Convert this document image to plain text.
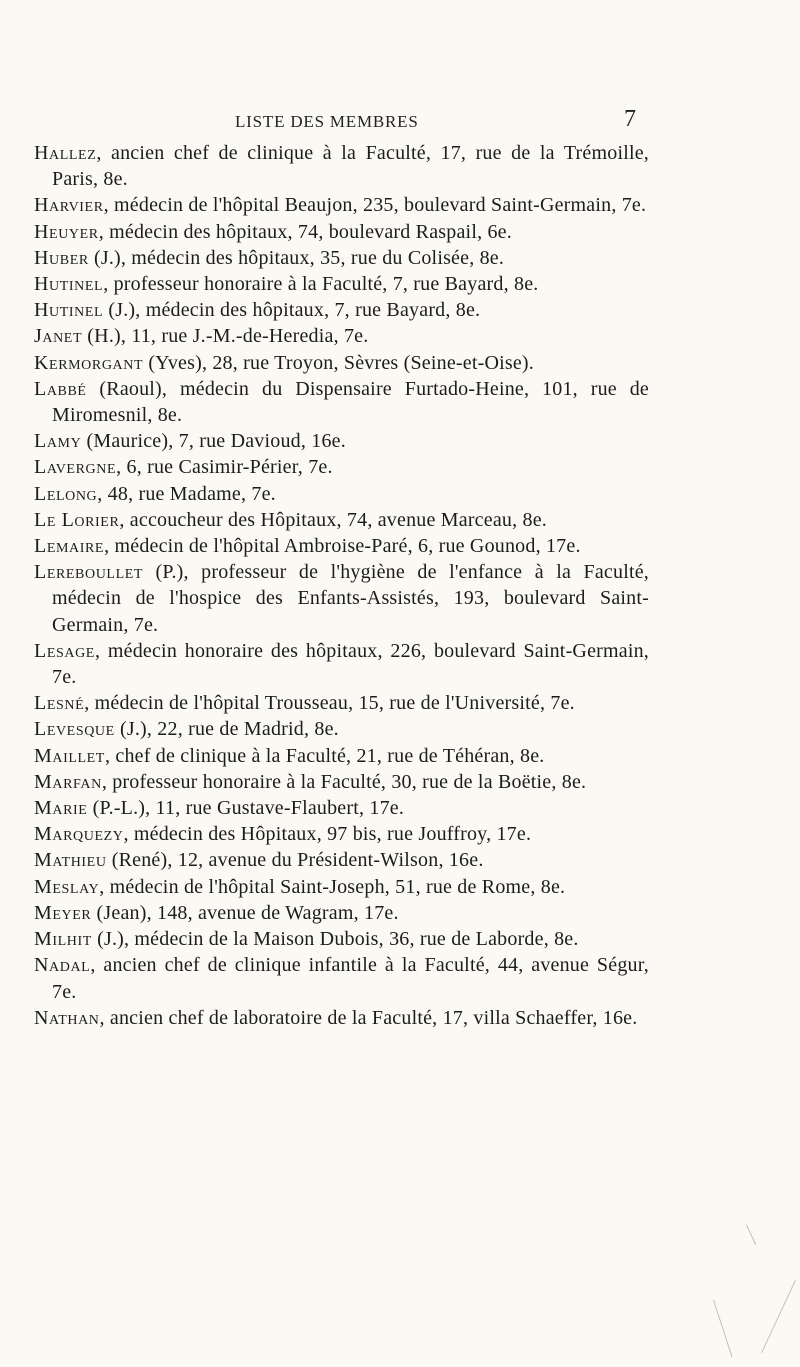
LISTE DES MEMBRES	7

Hallez, ancien chef de clinique à la Faculté, 17, rue de la Trémoille, Paris, 8e.

Harvier, médecin de l'hôpital Beaujon, 235, boulevard Saint-Germain, 7e.

Heuyer, médecin des hôpitaux, 74, boulevard Raspail, 6e.

Huber (J.), médecin des hôpitaux, 35, rue du Colisée, 8e.

Hutinel, professeur honoraire à la Faculté, 7, rue Bayard, 8e.

Hutinel (J.), médecin des hôpitaux, 7, rue Bayard, 8e.

Janet (H.), 11, rue J.-M.-de-Heredia, 7e.

Kermorgant (Yves), 28, rue Troyon, Sèvres (Seine-et-Oise).

Labbé (Raoul), médecin du Dispensaire Furtado-Heine, 101, rue de Miromesnil, 8e.

Lamy (Maurice), 7, rue Davioud, 16e.

Lavergne, 6, rue Casimir-Périer, 7e.

Lelong, 48, rue Madame, 7e.

Le Lorier, accoucheur des Hôpitaux, 74, avenue Marceau, 8e.

Lemaire, médecin de l'hôpital Ambroise-Paré, 6, rue Gounod, 17e.

Lereboullet (P.), professeur de l'hygiène de l'enfance à la Faculté, médecin de l'hospice des Enfants-Assistés, 193, boulevard Saint-Germain, 7e.

Lesage, médecin honoraire des hôpitaux, 226, boulevard Saint-Germain, 7e.

Lesné, médecin de l'hôpital Trousseau, 15, rue de l'Université, 7e.

Levesque (J.), 22, rue de Madrid, 8e.

Maillet, chef de clinique à la Faculté, 21, rue de Téhéran, 8e.

Marfan, professeur honoraire à la Faculté, 30, rue de la Boëtie, 8e.

Marie (P.-L.), 11, rue Gustave-Flaubert, 17e.

Marquezy, médecin des Hôpitaux, 97 bis, rue Jouffroy, 17e.

Mathieu (René), 12, avenue du Président-Wilson, 16e.

Meslay, médecin de l'hôpital Saint-Joseph, 51, rue de Rome, 8e.

Meyer (Jean), 148, avenue de Wagram, 17e.

Milhit (J.), médecin de la Maison Dubois, 36, rue de Laborde, 8e.

Nadal, ancien chef de clinique infantile à la Faculté, 44, avenue Ségur, 7e.

Nathan, ancien chef de laboratoire de la Faculté, 17, villa Schaeffer, 16e.
